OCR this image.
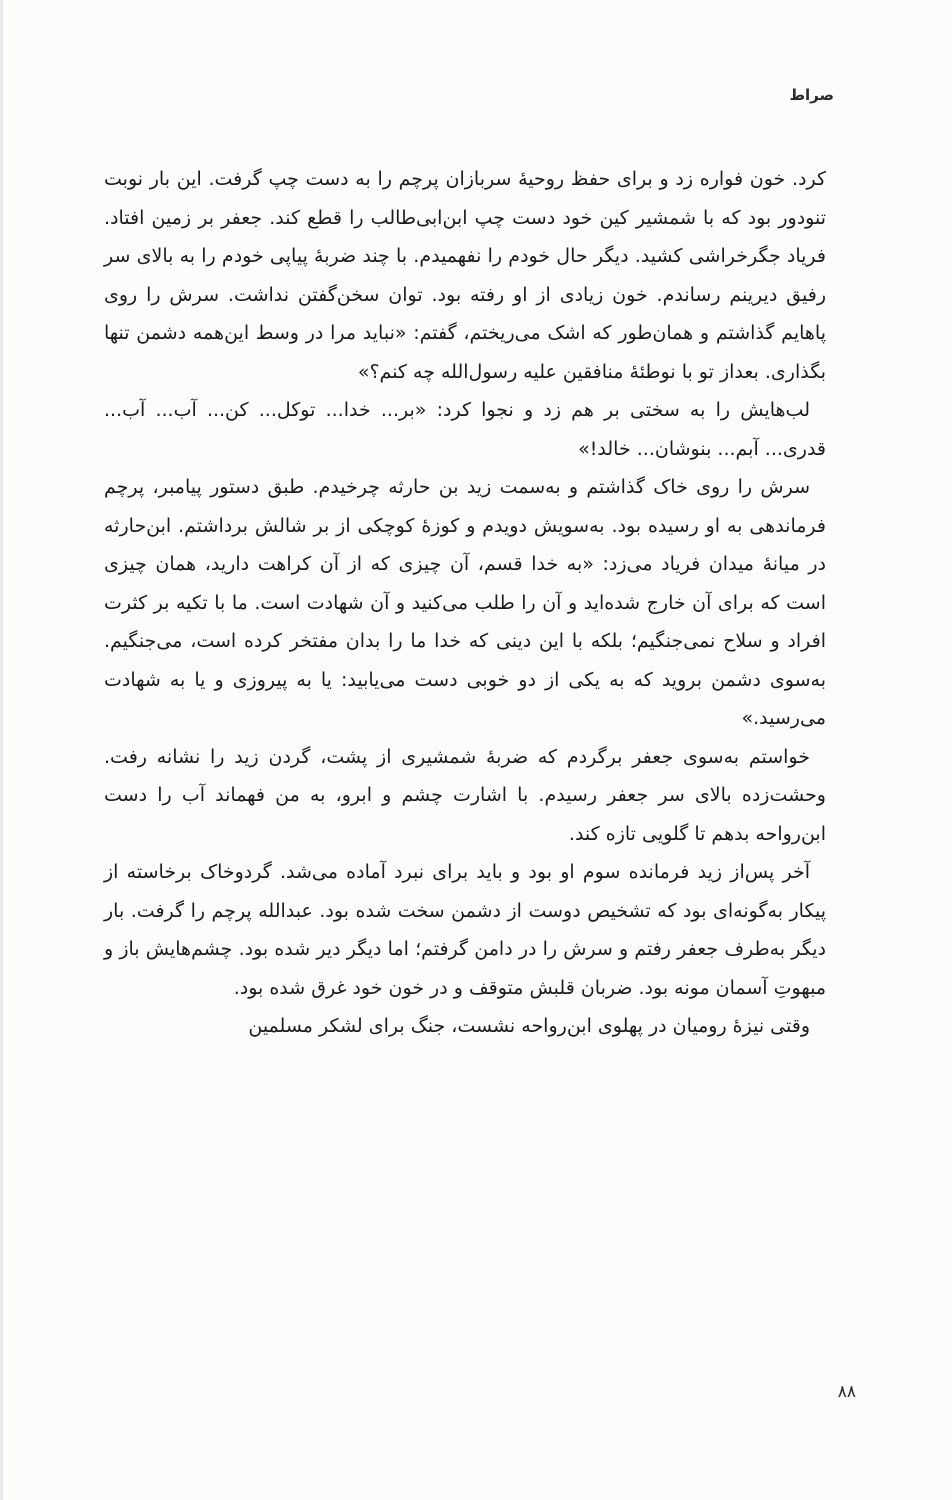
صراط

کرد. خون فواره زد و برای حفظ روحیهٔ سربازان پرچم را به دست چپ گرفت. این بار نوبت تنودور بود که با شمشیر کین خود دست چپ ابن‌ابی‌طالب را قطع کند. جعفر بر زمین افتاد. فریاد جگرخراشی کشید. دیگر حال خودم را نفهمیدم. با چند ضربهٔ پیاپی خودم را به بالای سر رفیق دیرینم رساندم. خون زیادی از او رفته بود. توان سخن‌گفتن نداشت. سرش را روی پاهایم گذاشتم و همان‌طور که اشک می‌ریختم، گفتم: «نباید مرا در وسط این‌همه دشمن تنها بگذاری. بعداز تو با نوطئهٔ منافقین علیه رسول‌الله چه کنم؟»

لب‌هایش را به سختی بر هم زد و نجوا کرد: «بر... خدا... توکل... کن... آب... آب... قدری... آبم... بنوشان... خالد!»

سرش را روی خاک گذاشتم و به‌سمت زید بن حارثه چرخیدم. طبق دستور پیامبر، پرچم فرماندهی به او رسیده بود. به‌سویش دویدم و کوزهٔ کوچکی از بر شالش برداشتم. ابن‌حارثه در میانهٔ میدان فریاد می‌زد: «به خدا قسم، آن چیزی که از آن کراهت دارید، همان چیزی است که برای آن خارج شده‌اید و آن را طلب می‌کنید و آن شهادت است. ما با تکیه بر کثرت افراد و سلاح نمی‌جنگیم؛ بلکه با این دینی که خدا ما را بدان مفتخر کرده است، می‌جنگیم. به‌سوی دشمن بروید که به یکی از دو خوبی دست می‌یابید: یا به پیروزی و یا به شهادت می‌رسید.»

خواستم به‌سوی جعفر برگردم که ضربهٔ شمشیری از پشت، گردن زید را نشانه رفت. وحشت‌زده بالای سر جعفر رسیدم. با اشارت چشم و ابرو، به من فهماند آب را دست ابن‌رواحه بدهم تا گلویی تازه کند.

آخر پس‌از زید فرمانده سوم او بود و باید برای نبرد آماده می‌شد. گردوخاک برخاسته از پیکار به‌گونه‌ای بود که تشخیص دوست از دشمن سخت شده بود. عبدالله پرچم را گرفت. بار دیگر به‌طرف جعفر رفتم و سرش را در دامن گرفتم؛ اما دیگر دیر شده بود. چشم‌هایش باز و مبهوتِ آسمان مونه بود. ضربان قلبش متوقف و در خون خود غرق شده بود.

وقتی نیزهٔ رومیان در پهلوی ابن‌رواحه نشست، جنگ برای لشکر مسلمین

۸۸
